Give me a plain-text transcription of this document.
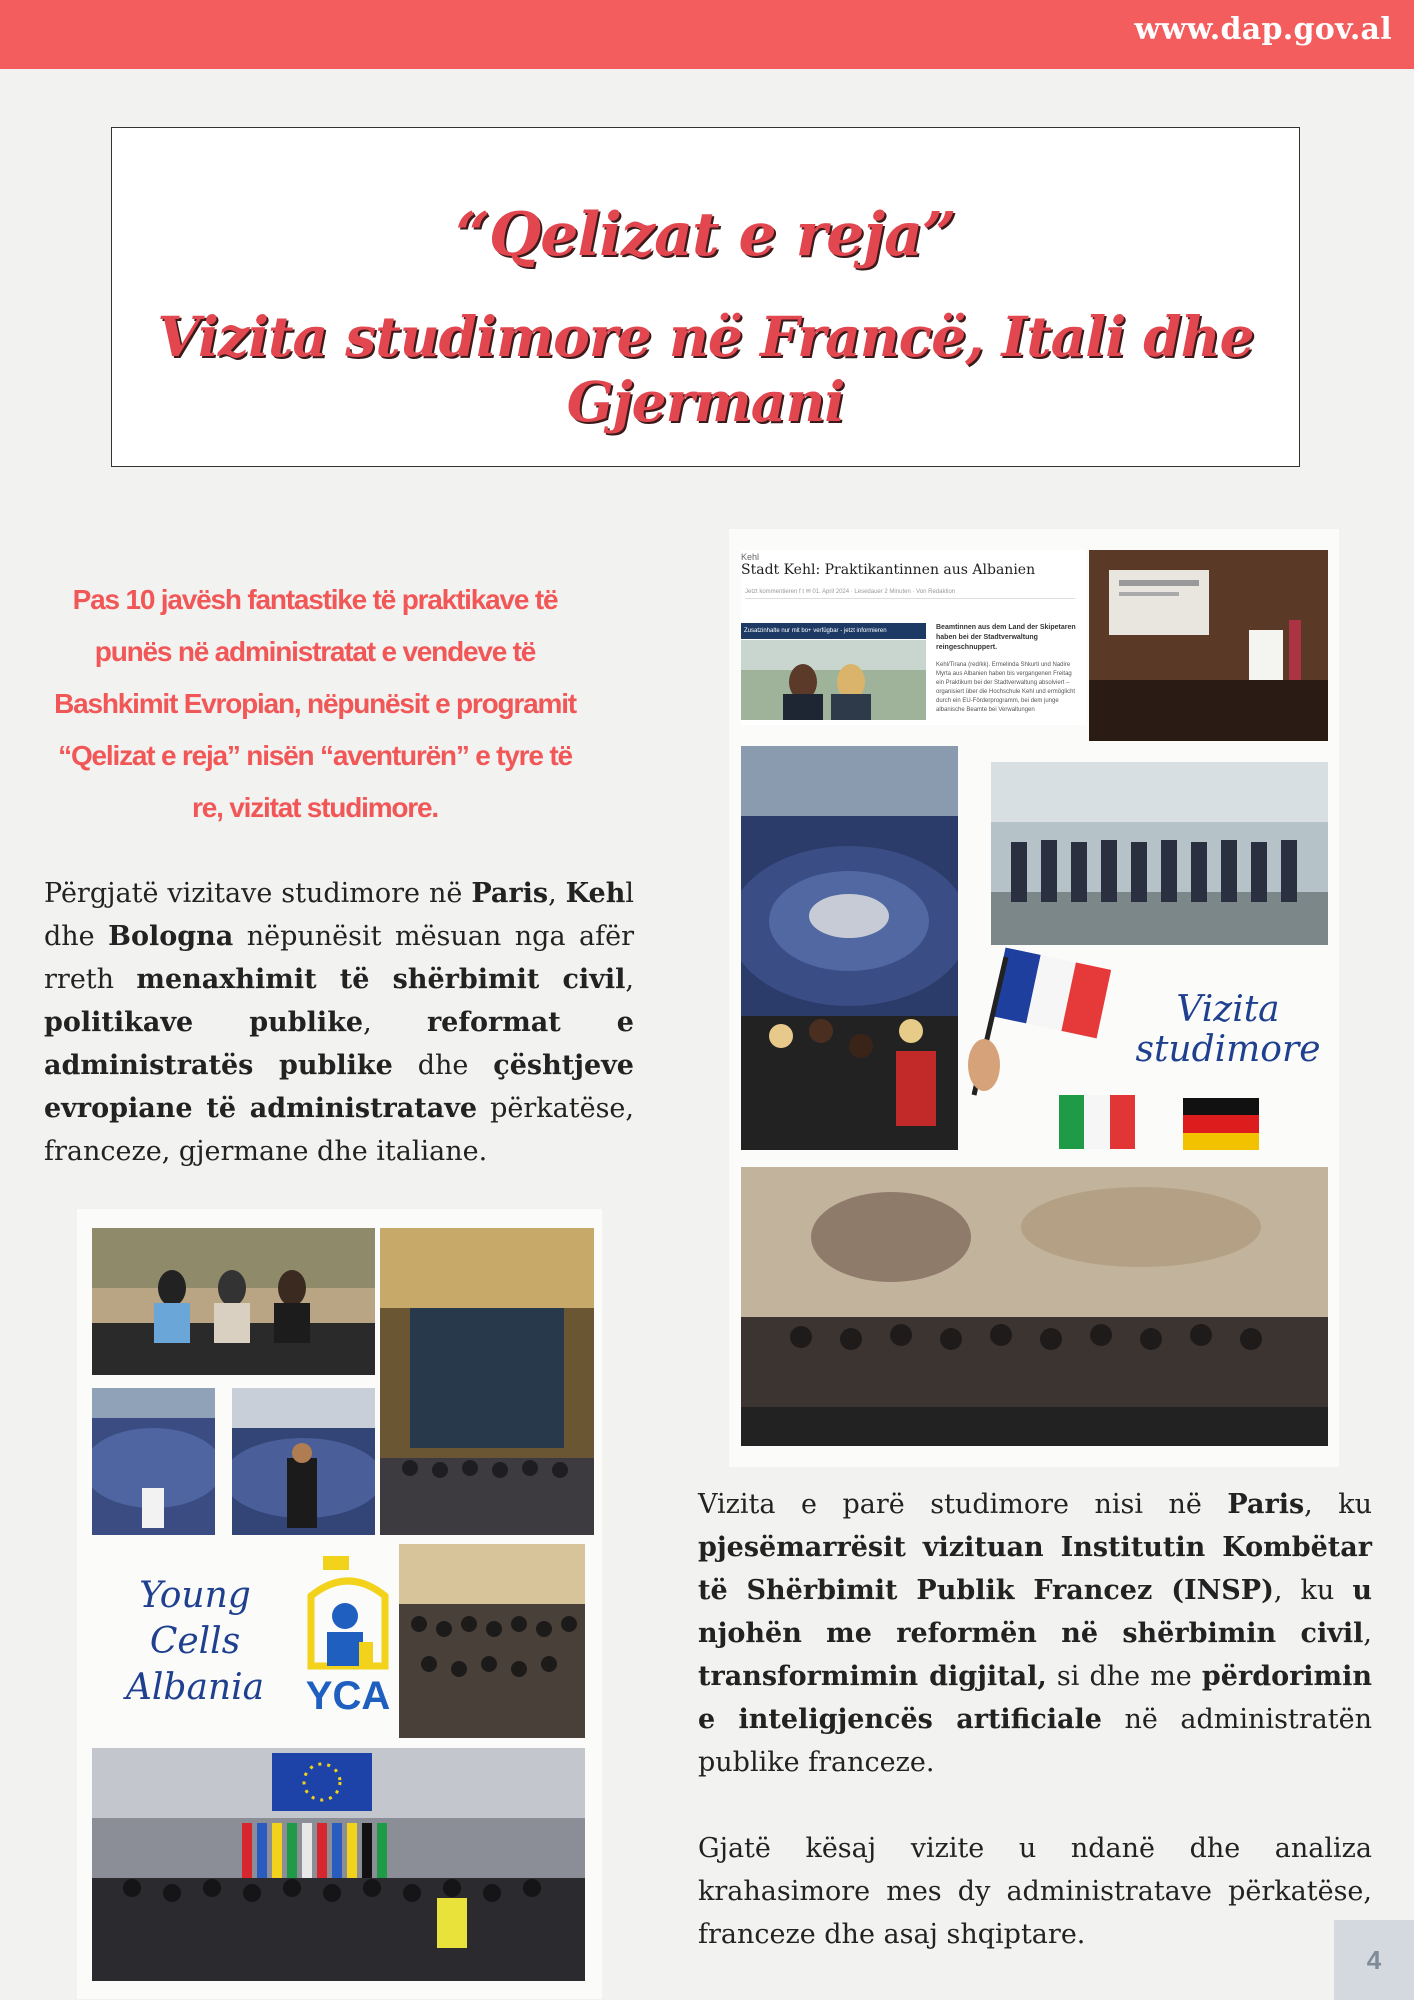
www.dap.gov.al
“Qelizat e reja”
Vizita studimore në Francë, Itali dhe Gjermani
Pas 10 javësh fantastike të praktikave të punës në administratat e vendeve të Bashkimit Evropian, nëpunësit e programit “Qelizat e reja” nisën “aventurën” e tyre të re, vizitat studimore.
Përgjatë vizitave studimore në Paris, Kehl dhe Bologna nëpunësit mësuan nga afër rreth menaxhimit të shërbimit civil, politikave publike, reformat e administratës publike dhe çështjeve evropiane të administratave përkatëse, franceze, gjermane dhe italiane.
Kehl
Stadt Kehl: Praktikantinnen aus Albanien
Jetzt kommentieren f t ✉ 01. April 2024 · Lesedauer 2 Minuten · Von Redaktion
Zusatzinhalte nur mit bo+ verfügbar - jetzt informieren	Beamtinnen aus dem Land der Skipetaren haben bei der Stadtverwaltung reingeschnuppert.
Kehl/Tirana (red/kk). Ermelinda Shkurti und Nadire Myrta aus Albanien haben bis vergangenen Freitag ein Praktikum bei der Stadtverwaltung absolviert – organisiert über die Hochschule Kehl und ermöglicht durch ein EU-Förderprogramm, bei dem junge albanische Beamte bei Verwaltungen
Vizita
studimore
Young Cells
Albania	YCA
Vizita e parë studimore nisi në Paris, ku pjesëmarrësit vizituan Institutin Kombëtar të Shërbimit Publik Francez (INSP), ku u njohën me reformën në shërbimin civil, transformimin digjital, si dhe me përdorimin e inteligjencës artificiale në administratën publike franceze.
Gjatë kësaj vizite u ndanë dhe analiza krahasimore mes dy administratave përkatëse, franceze dhe asaj shqiptare.
4
